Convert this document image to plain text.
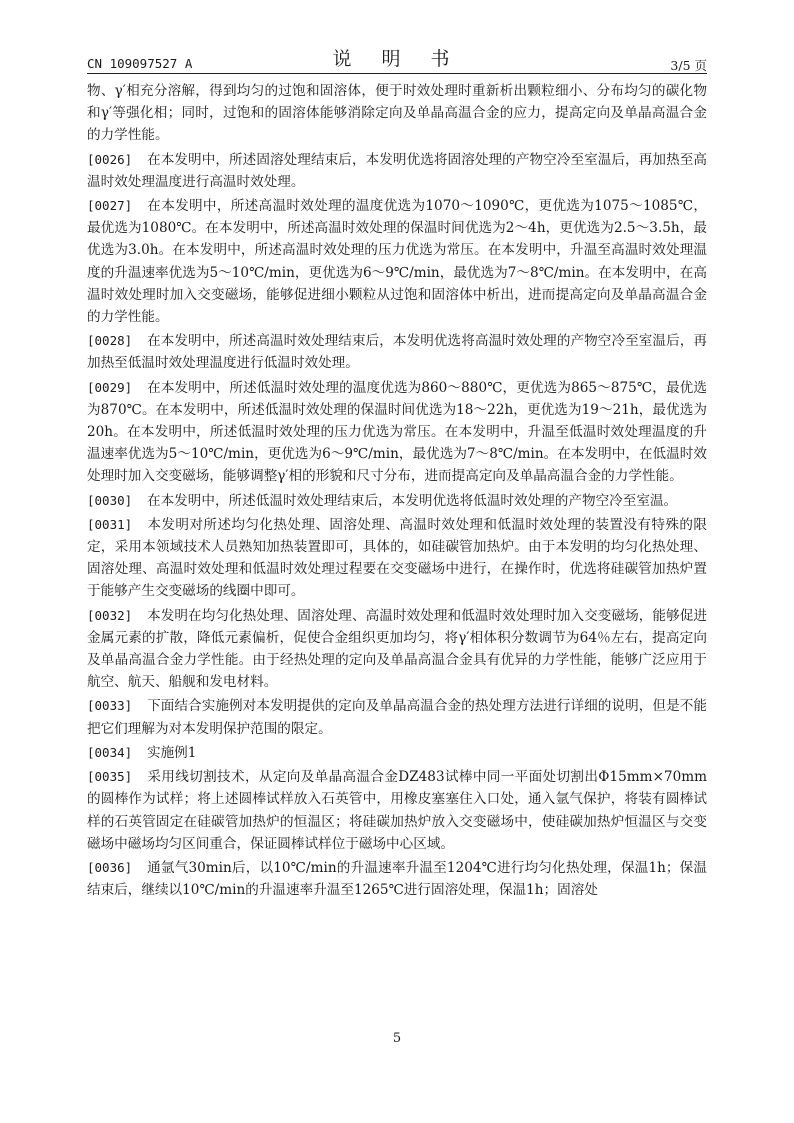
CN 109097527 A	说 明 书	3/5 页

物、γ′相充分溶解，得到均匀的过饱和固溶体，便于时效处理时重新析出颗粒细小、分布均匀的碳化物和γ′等强化相；同时，过饱和的固溶体能够消除定向及单晶高温合金的应力，提高定向及单晶高温合金的力学性能。

[0026] 在本发明中，所述固溶处理结束后，本发明优选将固溶处理的产物空冷至室温后，再加热至高温时效处理温度进行高温时效处理。

[0027] 在本发明中，所述高温时效处理的温度优选为1070～1090℃，更优选为1075～1085℃，最优选为1080℃。在本发明中，所述高温时效处理的保温时间优选为2～4h，更优选为2.5～3.5h，最优选为3.0h。在本发明中，所述高温时效处理的压力优选为常压。在本发明中，升温至高温时效处理温度的升温速率优选为5～10℃/min，更优选为6～9℃/min，最优选为7～8℃/min。在本发明中，在高温时效处理时加入交变磁场，能够促进细小颗粒从过饱和固溶体中析出，进而提高定向及单晶高温合金的力学性能。

[0028] 在本发明中，所述高温时效处理结束后，本发明优选将高温时效处理的产物空冷至室温后，再加热至低温时效处理温度进行低温时效处理。

[0029] 在本发明中，所述低温时效处理的温度优选为860～880℃，更优选为865～875℃，最优选为870℃。在本发明中，所述低温时效处理的保温时间优选为18～22h，更优选为19～21h，最优选为20h。在本发明中，所述低温时效处理的压力优选为常压。在本发明中，升温至低温时效处理温度的升温速率优选为5～10℃/min，更优选为6～9℃/min，最优选为7～8℃/min。在本发明中，在低温时效处理时加入交变磁场，能够调整γ′相的形貌和尺寸分布，进而提高定向及单晶高温合金的力学性能。

[0030] 在本发明中，所述低温时效处理结束后，本发明优选将低温时效处理的产物空冷至室温。

[0031] 本发明对所述均匀化热处理、固溶处理、高温时效处理和低温时效处理的装置没有特殊的限定，采用本领域技术人员熟知加热装置即可，具体的，如硅碳管加热炉。由于本发明的均匀化热处理、固溶处理、高温时效处理和低温时效处理过程要在交变磁场中进行，在操作时，优选将硅碳管加热炉置于能够产生交变磁场的线圈中即可。

[0032] 本发明在均匀化热处理、固溶处理、高温时效处理和低温时效处理时加入交变磁场，能够促进金属元素的扩散，降低元素偏析，促使合金组织更加均匀，将γ′相体积分数调节为64％左右，提高定向及单晶高温合金力学性能。由于经热处理的定向及单晶高温合金具有优异的力学性能，能够广泛应用于航空、航天、船舰和发电材料。

[0033] 下面结合实施例对本发明提供的定向及单晶高温合金的热处理方法进行详细的说明，但是不能把它们理解为对本发明保护范围的限定。

[0034] 实施例1

[0035] 采用线切割技术，从定向及单晶高温合金DZ483试棒中同一平面处切割出Φ15mm×70mm的圆棒作为试样；将上述圆棒试样放入石英管中，用橡皮塞塞住入口处，通入氩气保护，将装有圆棒试样的石英管固定在硅碳管加热炉的恒温区；将硅碳加热炉放入交变磁场中，使硅碳加热炉恒温区与交变磁场中磁场均匀区间重合，保证圆棒试样位于磁场中心区域。

[0036] 通氩气30min后，以10℃/min的升温速率升温至1204℃进行均匀化热处理，保温1h；保温结束后，继续以10℃/min的升温速率升温至1265℃进行固溶处理，保温1h；固溶处

5
